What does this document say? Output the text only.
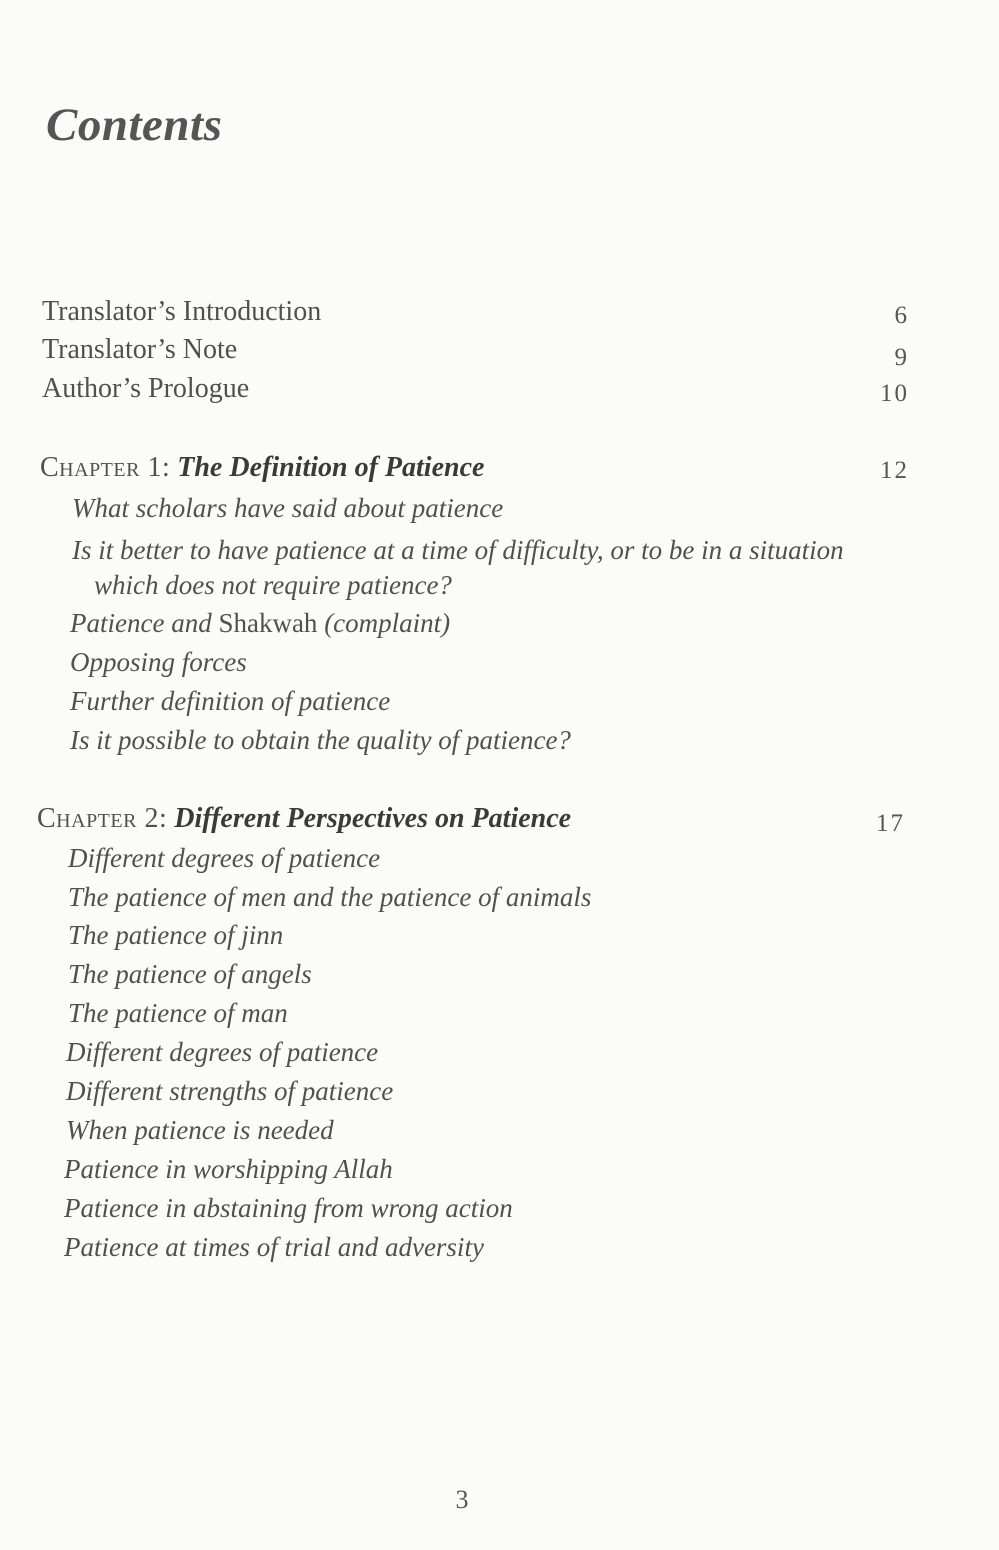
Contents
Translator’s Introduction	6
Translator’s Note	9
Author’s Prologue	10
Chapter 1: The Definition of Patience	12
What scholars have said about patience
Is it better to have patience at a time of difficulty, or to be in a situation
which does not require patience?
Patience and Shakwah (complaint)
Opposing forces
Further definition of patience
Is it possible to obtain the quality of patience?
Chapter 2: Different Perspectives on Patience	17
Different degrees of patience
The patience of men and the patience of animals
The patience of jinn
The patience of angels
The patience of man
Different degrees of patience
Different strengths of patience
When patience is needed
Patience in worshipping Allah
Patience in abstaining from wrong action
Patience at times of trial and adversity
3
